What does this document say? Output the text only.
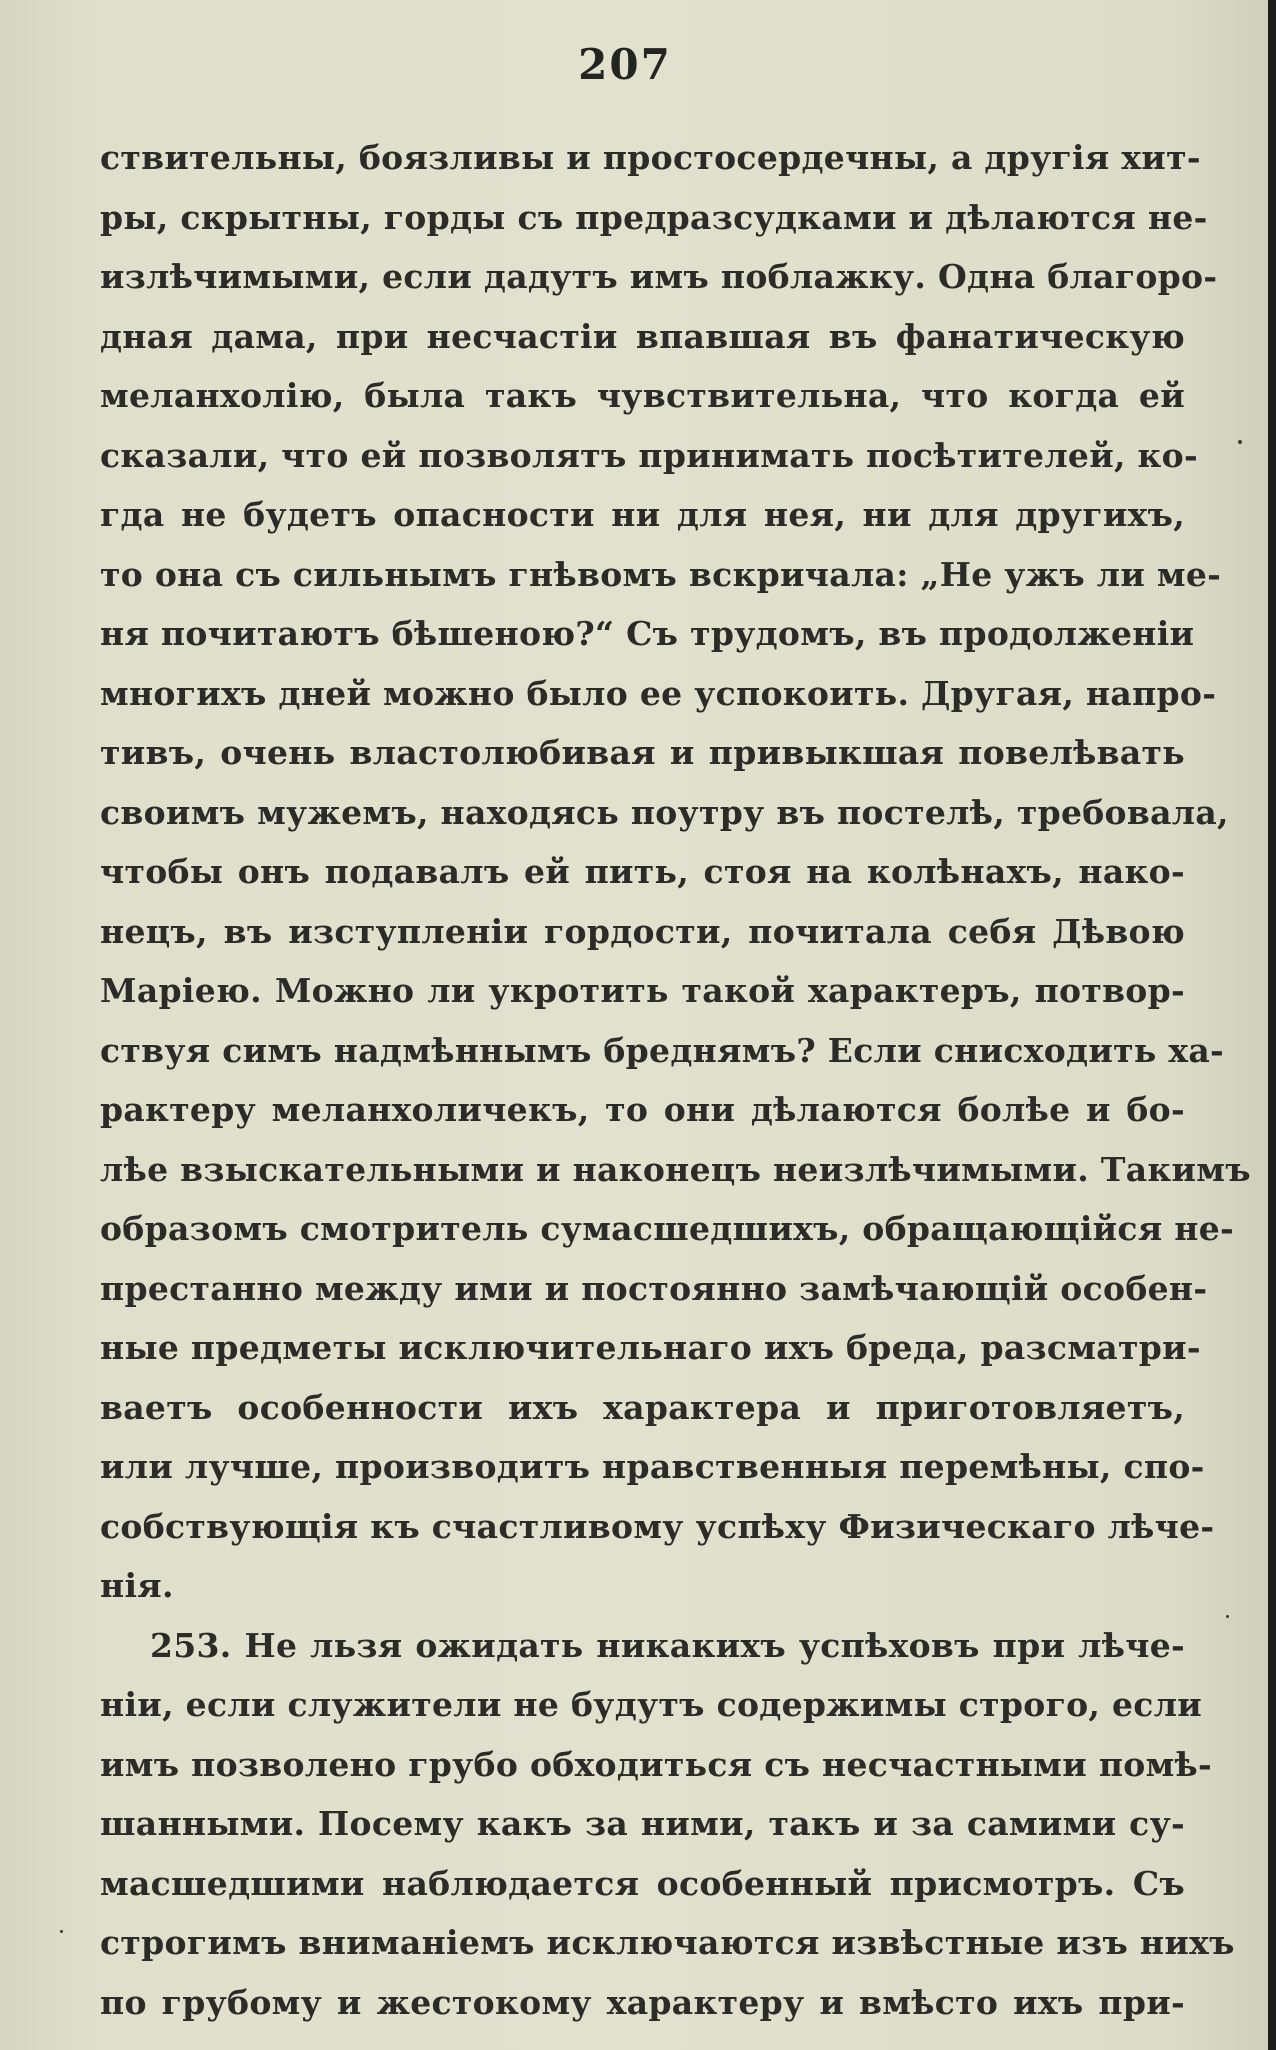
207
ствительны, боязливы и простосердечны, а другія хит-
ры, скрытны, горды съ предразсудками и дѣлаются не-
излѣчимыми, если дадутъ имъ поблажку. Одна благоро-
дная дама, при несчастіи впавшая въ фанатическую
меланхолію, была такъ чувствительна, что когда ей
сказали, что ей позволятъ принимать посѣтителей, ко-
гда не будетъ опасности ни для нея, ни для другихъ,
то она съ сильнымъ гнѣвомъ вскричала: „Не ужъ ли ме-
ня почитаютъ бѣшеною?“ Съ трудомъ, въ продолженіи
многихъ дней можно было ее успокоить. Другая, напро-
тивъ, очень властолюбивая и привыкшая повелѣвать
своимъ мужемъ, находясь поутру въ постелѣ, требовала,
чтобы онъ подавалъ ей пить, стоя на колѣнахъ, нако-
нецъ, въ изступленіи гордости, почитала себя Дѣвою
Маріею. Можно ли укротить такой характеръ, потвор-
ствуя симъ надмѣннымъ бреднямъ? Если снисходить ха-
рактеру меланхоличекъ, то они дѣлаются болѣе и бо-
лѣе взыскательными и наконецъ неизлѣчимыми. Такимъ
образомъ смотритель сумасшедшихъ, обращающійся не-
престанно между ими и постоянно замѣчающій особен-
ные предметы исключительнаго ихъ бреда, разсматри-
ваетъ особенности ихъ характера и приготовляетъ,
или лучше, производитъ нравственныя перемѣны, спо-
собствующія къ счастливому успѣху Физическаго лѣче-
нія.
253. Не льзя ожидать никакихъ успѣховъ при лѣче-
ніи, если служители не будутъ содержимы строго, если
имъ позволено грубо обходиться съ несчастными помѣ-
шанными. Посему какъ за ними, такъ и за самими су-
масшедшими наблюдается особенный присмотръ. Съ
строгимъ вниманіемъ исключаются извѣстные изъ нихъ
по грубому и жестокому характеру и вмѣсто ихъ при-
